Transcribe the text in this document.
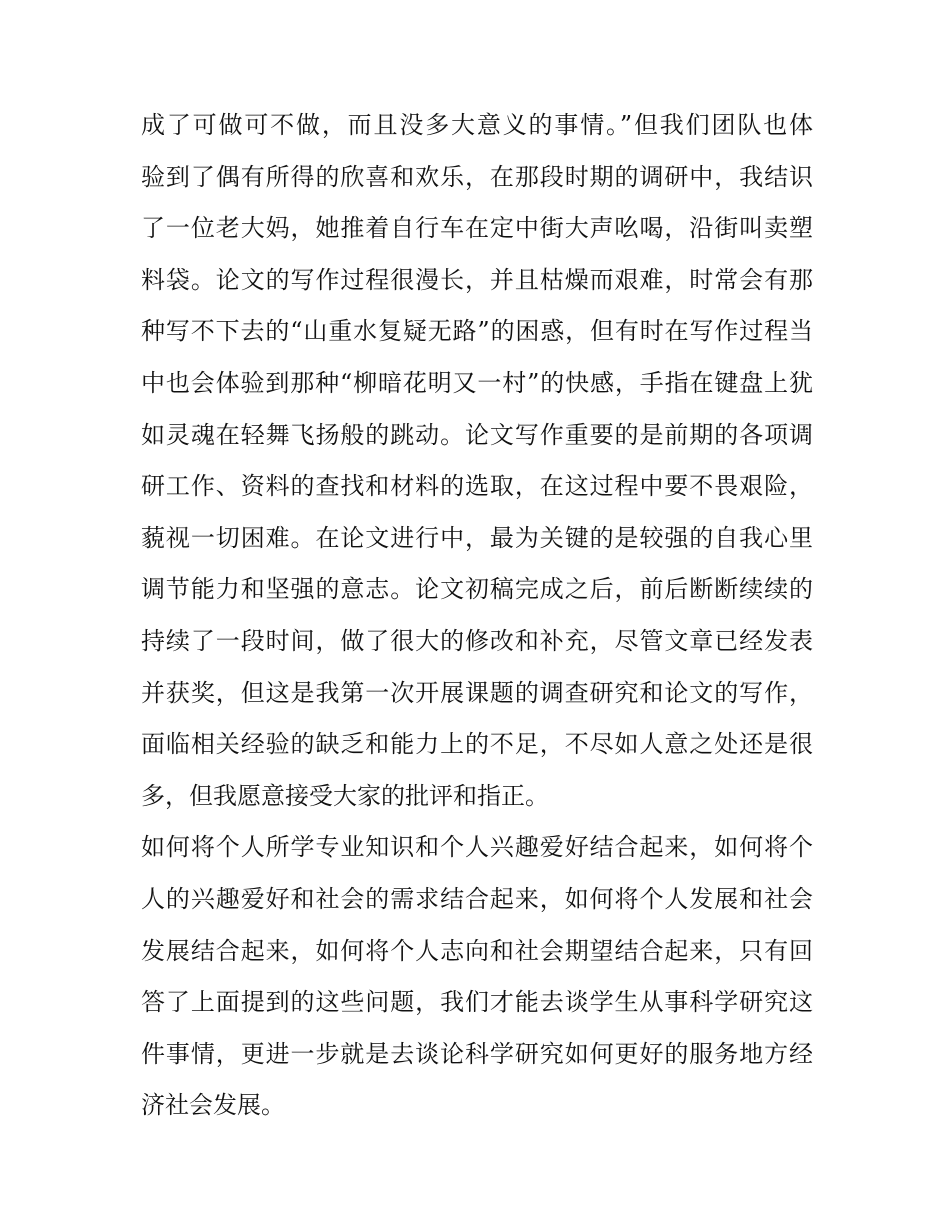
成了可做可不做，而且没多大意义的事情。”但我们团队也体
验到了偶有所得的欣喜和欢乐，在那段时期的调研中，我结识
了一位老大妈，她推着自行车在定中街大声吆喝，沿街叫卖塑
料袋。论文的写作过程很漫长，并且枯燥而艰难，时常会有那
种写不下去的“山重水复疑无路”的困惑，但有时在写作过程当
中也会体验到那种“柳暗花明又一村”的快感，手指在键盘上犹
如灵魂在轻舞飞扬般的跳动。论文写作重要的是前期的各项调
研工作、资料的查找和材料的选取，在这过程中要不畏艰险，
藐视一切困难。在论文进行中，最为关键的是较强的自我心里
调节能力和坚强的意志。论文初稿完成之后，前后断断续续的
持续了一段时间，做了很大的修改和补充，尽管文章已经发表
并获奖，但这是我第一次开展课题的调查研究和论文的写作，
面临相关经验的缺乏和能力上的不足，不尽如人意之处还是很
多，但我愿意接受大家的批评和指正。
如何将个人所学专业知识和个人兴趣爱好结合起来，如何将个
人的兴趣爱好和社会的需求结合起来，如何将个人发展和社会
发展结合起来，如何将个人志向和社会期望结合起来，只有回
答了上面提到的这些问题，我们才能去谈学生从事科学研究这
件事情，更进一步就是去谈论科学研究如何更好的服务地方经
济社会发展。
